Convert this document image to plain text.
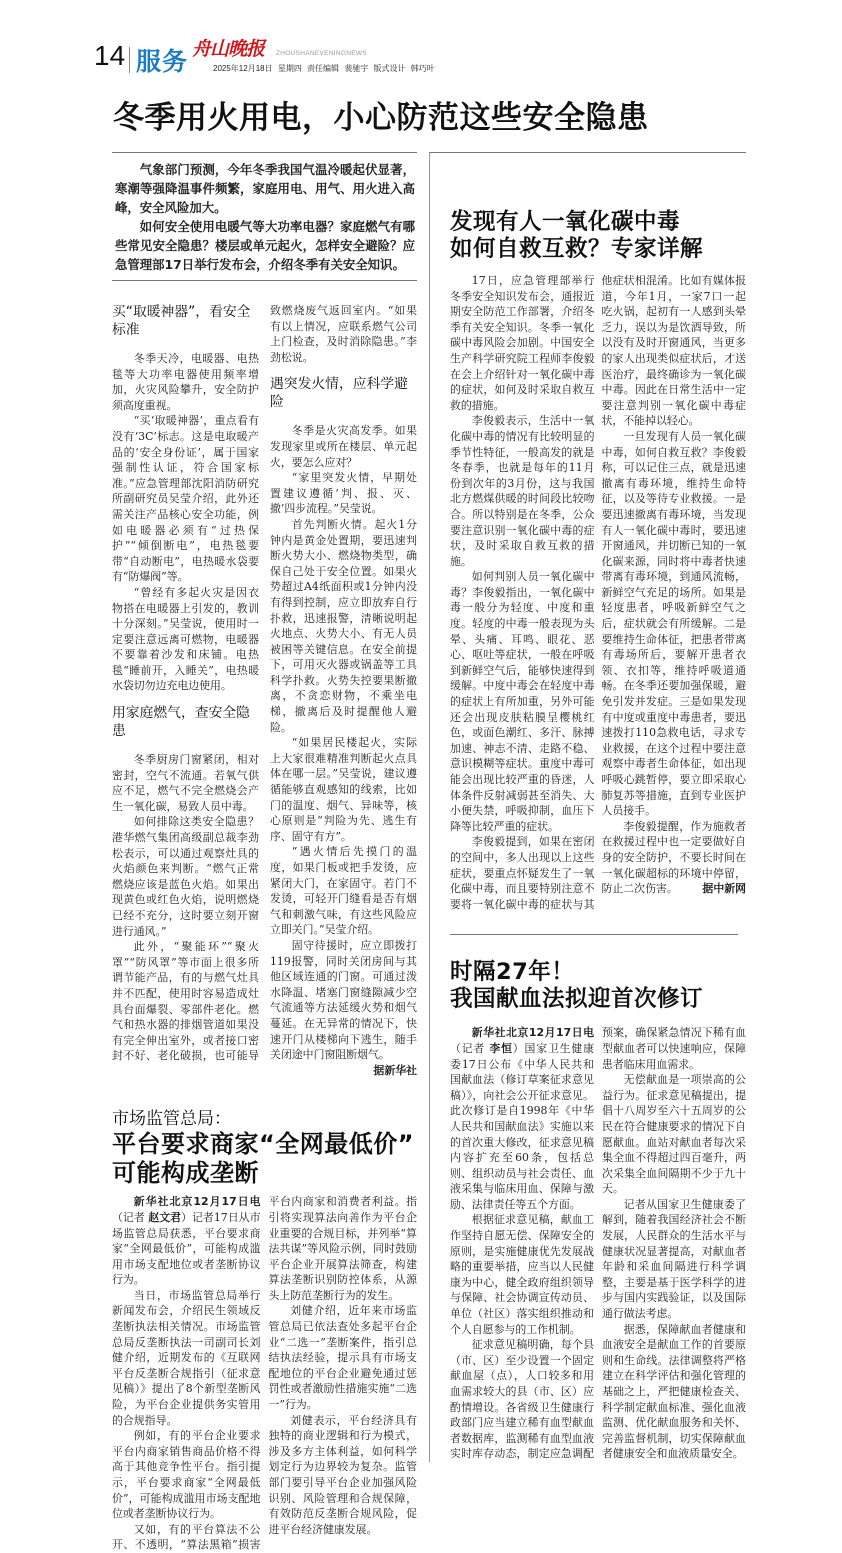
14 服务 舟山晚报 ZHOUSHANEVENINGNEWS
2025年12月18日 星期四 责任编辑 裴驰宇 版式设计 韩巧叶
冬季用火用电，小心防范这些安全隐患

气象部门预测，今年冬季我国气温冷暖起伏显著，寒潮等强降温事件频繁，家庭用电、用气、用火进入高峰，安全风险加大。

如何安全使用电暖气等大功率电器？家庭燃气有哪些常见安全隐患？楼层或单元起火，怎样安全避险？应急管理部17日举行发布会，介绍冬季有关安全知识。

买“取暖神器”，看安全标准

冬季天冷，电暖器、电热毯等大功率电器使用频率增加，火灾风险攀升，安全防护须高度重视。

“买‘取暖神器’，重点看有没有‘3C’标志。这是电取暖产品的‘安全身份证’，属于国家强制性认证，符合国家标准。”应急管理部沈阳消防研究所副研究员吴莹介绍，此外还需关注产品核心安全功能，例如电暖器必须有“过热保护”“倾倒断电”，电热毯要带“自动断电”，电热暖水袋要有“防爆阀”等。

“曾经有多起火灾是因衣物搭在电暖器上引发的，教训十分深刻。”吴莹说，使用时一定要注意远离可燃物，电暖器不要靠着沙发和床铺。电热毯“睡前开，入睡关”，电热暖水袋切勿边充电边使用。

用家庭燃气，查安全隐患

冬季厨房门窗紧闭，相对密封，空气不流通。若氧气供应不足，燃气不完全燃烧会产生一氧化碳，易致人员中毒。

如何排除这类安全隐患？港华燃气集团高级副总裁李劲松表示，可以通过观察灶具的火焰颜色来判断。“燃气正常燃烧应该是蓝色火焰。如果出现黄色或红色火焰，说明燃烧已经不充分，这时要立刻开窗进行通风。”

此外，“聚能环”“聚火罩”“防风罩”等市面上很多所谓节能产品，有的与燃气灶具并不匹配，使用时容易造成灶具台面爆裂、零部件老化。燃气和热水器的排烟管道如果没有完全伸出室外，或者接口密封不好、老化破损，也可能导致燃烧废气返回室内。“如果有以上情况，应联系燃气公司上门检查，及时消除隐患。”李劲松说。

遇突发火情，应科学避险

冬季是火灾高发季。如果发现家里或所在楼层、单元起火，要怎么应对？

“家里突发火情，早期处置建议遵循‘判、报、灭、撤’四步流程。”吴莹说。

首先判断火情。起火1分钟内是黄金处置期，要迅速判断火势大小、燃烧物类型，确保自己处于安全位置。如果火势超过A4纸面积或1分钟内没有得到控制，应立即放弃自行扑救，迅速报警，清晰说明起火地点、火势大小、有无人员被困等关键信息。在安全前提下，可用灭火器或锅盖等工具科学扑救。火势失控要果断撤离，不贪恋财物，不乘坐电梯，撤离后及时提醒他人避险。

“如果居民楼起火，实际上大家很难精准判断起火点具体在哪一层。”吴莹说，建议遵循能够直观感知的线索，比如门的温度、烟气、异味等，核心原则是“判险为先、逃生有序、固守有方”。

“遇火情后先摸门的温度，如果门板或把手发烫，应紧闭大门，在家固守。若门不发烫，可轻开门缝看是否有烟气和刺激气味，有这些风险应立即关门。”吴莹介绍。

固守待援时，应立即拨打119报警，同时关闭房间与其他区域连通的门窗。可通过泼水降温、堵塞门窗缝隙减少空气流通等方法延缓火势和烟气蔓延。在无异常的情况下，快速开门从楼梯向下逃生，随手关闭途中门窗阻断烟气。
据新华社

市场监管总局：
平台要求商家“全网最低价”
可能构成垄断

新华社北京12月17日电（记者 赵文君）记者17日从市场监管总局获悉，平台要求商家“全网最低价”，可能构成滥用市场支配地位或者垄断协议行为。

当日，市场监管总局举行新闻发布会，介绍民生领域反垄断执法相关情况。市场监管总局反垄断执法一司副司长刘健介绍，近期发布的《互联网平台反垄断合规指引（征求意见稿）》提出了8个新型垄断风险，为平台企业提供务实管用的合规指导。

例如，有的平台企业要求平台内商家销售商品价格不得高于其他竞争性平台。指引提示，平台要求商家“全网最低价”，可能构成滥用市场支配地位或者垄断协议行为。

又如，有的平台算法不公开、不透明，“算法黑箱”损害平台内商家和消费者利益。指引将实现算法向善作为平台企业重要的合规目标，并列举“算法共谋”等风险示例，同时鼓励平台企业开展算法筛查，构建算法垄断识别防控体系，从源头上防范垄断行为的发生。

刘健介绍，近年来市场监管总局已依法查处多起平台企业“二选一”垄断案件，指引总结执法经验，提示具有市场支配地位的平台企业避免通过惩罚性或者激励性措施实施“二选一”行为。

刘健表示，平台经济具有独特的商业逻辑和行为模式，涉及多方主体利益，如何科学划定行为边界较为复杂。监管部门要引导平台企业加强风险识别、风险管理和合规保障，有效防范反垄断合规风险，促进平台经济健康发展。

发现有人一氧化碳中毒
如何自救互救？专家详解

17日，应急管理部举行冬季安全知识发布会，通报近期安全防范工作部署，介绍冬季有关安全知识。冬季一氧化碳中毒风险会加剧。中国安全生产科学研究院工程师李俊毅在会上介绍针对一氧化碳中毒的症状，如何及时采取自救互救的措施。

李俊毅表示，生活中一氧化碳中毒的情况有比较明显的季节性特征，一般高发的就是冬春季，也就是每年的11月份到次年的3月份，这与我国北方燃煤供暖的时间段比较吻合。所以特别是在冬季，公众要注意识别一氧化碳中毒的症状，及时采取自救互救的措施。

如何判别人员一氧化碳中毒？李俊毅指出，一氧化碳中毒一般分为轻度、中度和重度。轻度的中毒一般表现为头晕、头痛、耳鸣、眼花、恶心、呕吐等症状，一般在呼吸到新鲜空气后，能够快速得到缓解。中度中毒会在轻度中毒的症状上有所加重，另外可能还会出现皮肤粘膜呈樱桃红色，或面色潮红、多汗、脉搏加速、神志不清、走路不稳、意识模糊等症状。重度中毒可能会出现比较严重的昏迷，人体条件反射减弱甚至消失、大小便失禁，呼吸抑制，血压下降等比较严重的症状。

李俊毅提到，如果在密闭的空间中，多人出现以上这些症状，要重点怀疑发生了一氧化碳中毒，而且要特别注意不要将一氧化碳中毒的症状与其他症状相混淆。比如有媒体报道，今年1月，一家7口一起吃火锅，起初有一人感到头晕乏力，误以为是饮酒导致，所以没有及时开窗通风，当更多的家人出现类似症状后，才送医治疗，最终确诊为一氧化碳中毒。因此在日常生活中一定要注意判别一氧化碳中毒症状，不能掉以轻心。

一旦发现有人员一氧化碳中毒，如何自救互救？李俊毅称，可以记住三点，就是迅速撤离有毒环境，维持生命特征，以及等待专业救援。一是要迅速撤离有毒环境，当发现有人一氧化碳中毒时，要迅速开窗通风，并切断已知的一氧化碳来源，同时将中毒者快速带离有毒环境，到通风流畅，新鲜空气充足的场所。如果是轻度患者，呼吸新鲜空气之后，症状就会有所缓解。二是要维持生命体征，把患者带离有毒场所后，要解开患者衣领、衣扣等，维持呼吸道通畅。在冬季还要加强保暖，避免引发并发症。三是如果发现有中度或重度中毒患者，要迅速拨打110急救电话，寻求专业救援，在这个过程中要注意观察中毒者生命体征，如出现呼吸心跳暂停，要立即采取心肺复苏等措施，直到专业医护人员接手。

李俊毅提醒，作为施救者在救援过程中也一定要做好自身的安全防护，不要长时间在一氧化碳超标的环境中停留，防止二次伤害。	据中新网

时隔27年！
我国献血法拟迎首次修订

新华社北京12月17日电（记者 李恒）国家卫生健康委17日公布《中华人民共和国献血法（修订草案征求意见稿）》，向社会公开征求意见。此次修订是自1998年《中华人民共和国献血法》实施以来的首次重大修改，征求意见稿内容扩充至60条，包括总则、组织动员与社会责任、血液采集与临床用血、保障与激励、法律责任等五个方面。

根据征求意见稿，献血工作坚持自愿无偿、保障安全的原则，是实施健康优先发展战略的重要举措，应当以人民健康为中心，健全政府组织领导与保障、社会协调宣传动员、单位（社区）落实组织推动和个人自愿参与的工作机制。

征求意见稿明确，每个县（市、区）至少设置一个固定献血屋（点），人口较多和用血需求较大的县（市、区）应酌情增设。各省级卫生健康行政部门应当建立稀有血型献血者数据库，监测稀有血型血液实时库存动态，制定应急调配预案，确保紧急情况下稀有血型献血者可以快速响应，保障患者临床用血需求。

无偿献血是一项崇高的公益行为。征求意见稿提出，提倡十八周岁至六十五周岁的公民在符合健康要求的情况下自愿献血。血站对献血者每次采集全血不得超过四百毫升，两次采集全血间隔期不少于九十天。

记者从国家卫生健康委了解到，随着我国经济社会不断发展，人民群众的生活水平与健康状况显著提高，对献血者年龄和采血间隔进行科学调整，主要是基于医学科学的进步与国内实践验证，以及国际通行做法考虑。

据悉，保障献血者健康和血液安全是献血工作的首要原则和生命线。法律调整将严格建立在科学评估和强化管理的基础之上，严把健康检查关、科学制定献血标准、强化血液监测、优化献血服务和关怀、完善监督机制，切实保障献血者健康安全和血液质量安全。
